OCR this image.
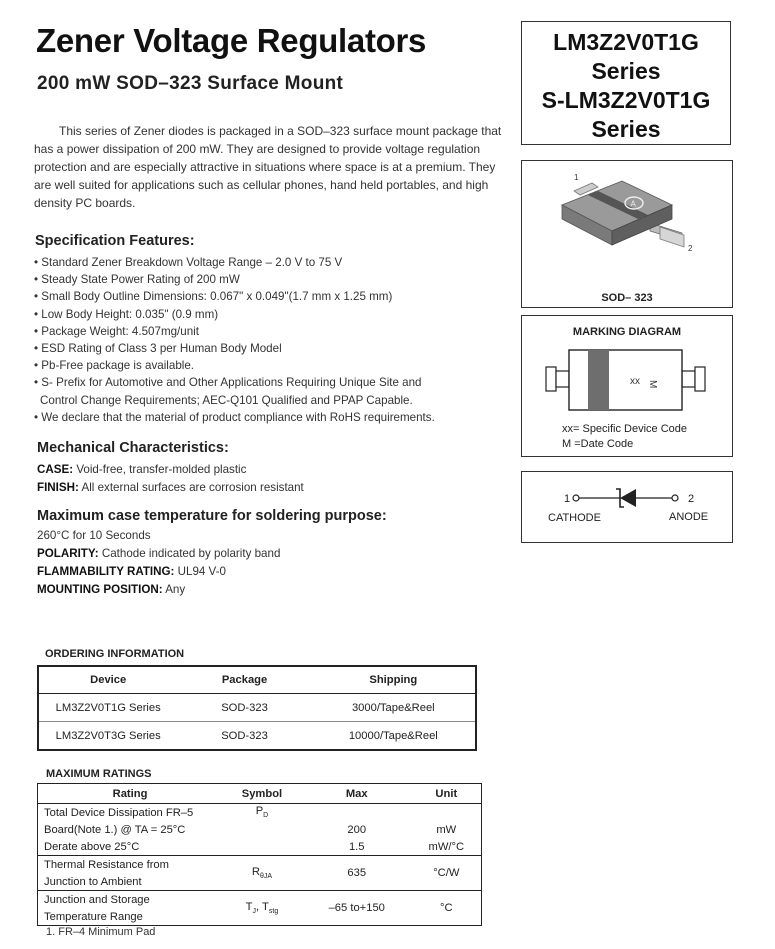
Zener Voltage Regulators
200 mW SOD–323 Surface Mount
This series of Zener diodes is packaged in a SOD–323 surface mount package that has a power dissipation of 200 mW. They are designed to provide voltage regulation protection and are especially attractive in situations where space is at a premium. They are well suited for applications such as cellular phones, hand held portables, and high density PC boards.
Specification Features:
• Standard Zener Breakdown Voltage Range – 2.0 V to 75 V
• Steady State Power Rating of 200 mW
• Small Body Outline Dimensions: 0.067" x 0.049"(1.7 mm x 1.25 mm)
• Low Body Height: 0.035" (0.9 mm)
• Package Weight: 4.507mg/unit
• ESD Rating of Class 3 per Human Body Model
• Pb-Free package is available.
• S- Prefix for Automotive and Other Applications Requiring Unique Site and
Control Change Requirements; AEC-Q101 Qualified and PPAP Capable.
• We declare that the material of product compliance with RoHS requirements.
Mechanical Characteristics:
CASE: Void-free, transfer-molded plastic
FINISH: All external surfaces are corrosion resistant
Maximum case temperature for soldering purpose:
260°C for 10 Seconds
POLARITY: Cathode indicated by polarity band
FLAMMABILITY RATING: UL94 V-0
MOUNTING POSITION: Any
LM3Z2V0T1G
Series
S-LM3Z2V0T1G
Series
A
1
2
SOD– 323
MARKING DIAGRAM
xx M
xx= Specific Device Code
M =Date Code
1	2
CATHODE	ANODE
ORDERING INFORMATION
Device	Package	Shipping
LM3Z2V0T1G Series	SOD-323	3000/Tape&Reel
LM3Z2V0T3G Series	SOD-323	10000/Tape&Reel
MAXIMUM RATINGS
Rating	Symbol	Max	Unit
Total Device Dissipation FR–5	$P_D$		
Board(Note 1.) @ TA = 25°C		200	mW
Derate above 25°C		1.5	mW/°C
Thermal Resistance from	$R_{\theta JA}$	635	°C/W
Junction to Ambient			
Junction and Storage	$T_J$, $T_{stg}$	–65 to+150	°C
Temperature Range			
1. FR–4 Minimum Pad
